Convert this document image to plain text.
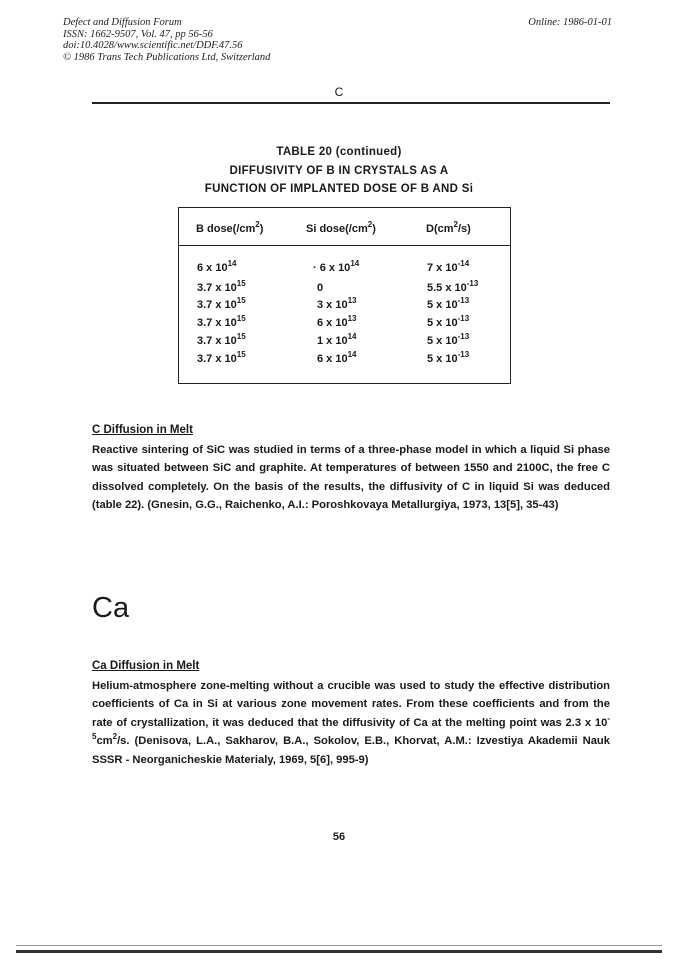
Defect and Diffusion Forum
ISSN: 1662-9507, Vol. 47, pp 56-56
doi:10.4028/www.scientific.net/DDF.47.56
© 1986 Trans Tech Publications Ltd, Switzerland
Online: 1986-01-01
C
TABLE 20 (continued)
DIFFUSIVITY OF B IN CRYSTALS AS A
FUNCTION OF IMPLANTED DOSE OF B AND Si
B $dose(/cm^2)$	Si $dose(/cm^2)$	$D(cm^2/s)$
6 x $10^{14}$	· 6 x $10^{14}$	7 x $10^{-14}$
3.7 x $10^{15}$	0	5.5 x $10^{-13}$
3.7 x $10^{15}$	3 x $10^{13}$	5 x $10^{-13}$
3.7 x $10^{15}$	6 x $10^{13}$	5 x $10^{-13}$
3.7 x $10^{15}$	1 x $10^{14}$	5 x $10^{-13}$
3.7 x $10^{15}$	6 x $10^{14}$	5 x $10^{-13}$
C Diffusion in Melt
Reactive sintering of SiC was studied in terms of a three-phase model in which a liquid Si phase was situated between SiC and graphite. At temperatures of between 1550 and 2100C, the free C dissolved completely. On the basis of the results, the diffusivity of C in liquid Si was deduced (table 22). (Gnesin, G.G., Raichenko, A.I.: Poroshkovaya Metallurgiya, 1973, 13[5], 35-43)
Ca
Ca Diffusion in Melt
Helium-atmosphere zone-melting without a crucible was used to study the effective distribution coefficients of Ca in Si at various zone movement rates. From these coefficients and from the rate of crystallization, it was deduced that the diffusivity of Ca at the melting point was 2.3 x $10^{-5}cm^2/s$. (Denisova, L.A., Sakharov, B.A., Sokolov, E.B., Khorvat, A.M.: Izvestiya Akademii Nauk SSSR - Neorganicheskie Materialy, 1969, 5[6], 995-9)
56
